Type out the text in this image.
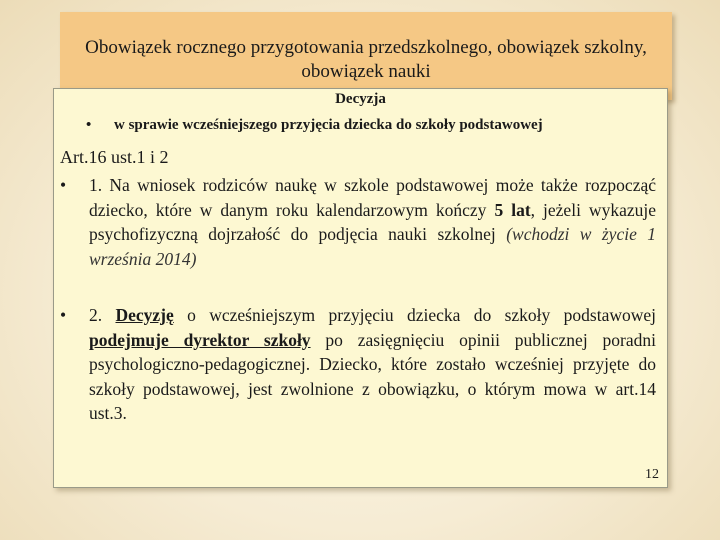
Obowiązek rocznego przygotowania przedszkolnego, obowiązek szkolny,
obowiązek nauki
Decyzja
• w sprawie wcześniejszego przyjęcia dziecka do szkoły podstawowej

Art.16 ust.1 i 2

• 1. Na wniosek rodziców naukę w szkole podstawowej może także rozpocząć dziecko, które w danym roku kalendarzowym kończy 5 lat, jeżeli wykazuje psychofizyczną dojrzałość do podjęcia nauki szkolnej (wchodzi w życie 1 września 2014)
• 2. Decyzję o wcześniejszym przyjęciu dziecka do szkoły podstawowej podejmuje dyrektor szkoły po zasięgnięciu opinii publicznej poradni psychologiczno-pedagogicznej. Dziecko, które zostało wcześniej przyjęte do szkoły podstawowej, jest zwolnione z obowiązku, o którym mowa w art.14 ust.3.
12
